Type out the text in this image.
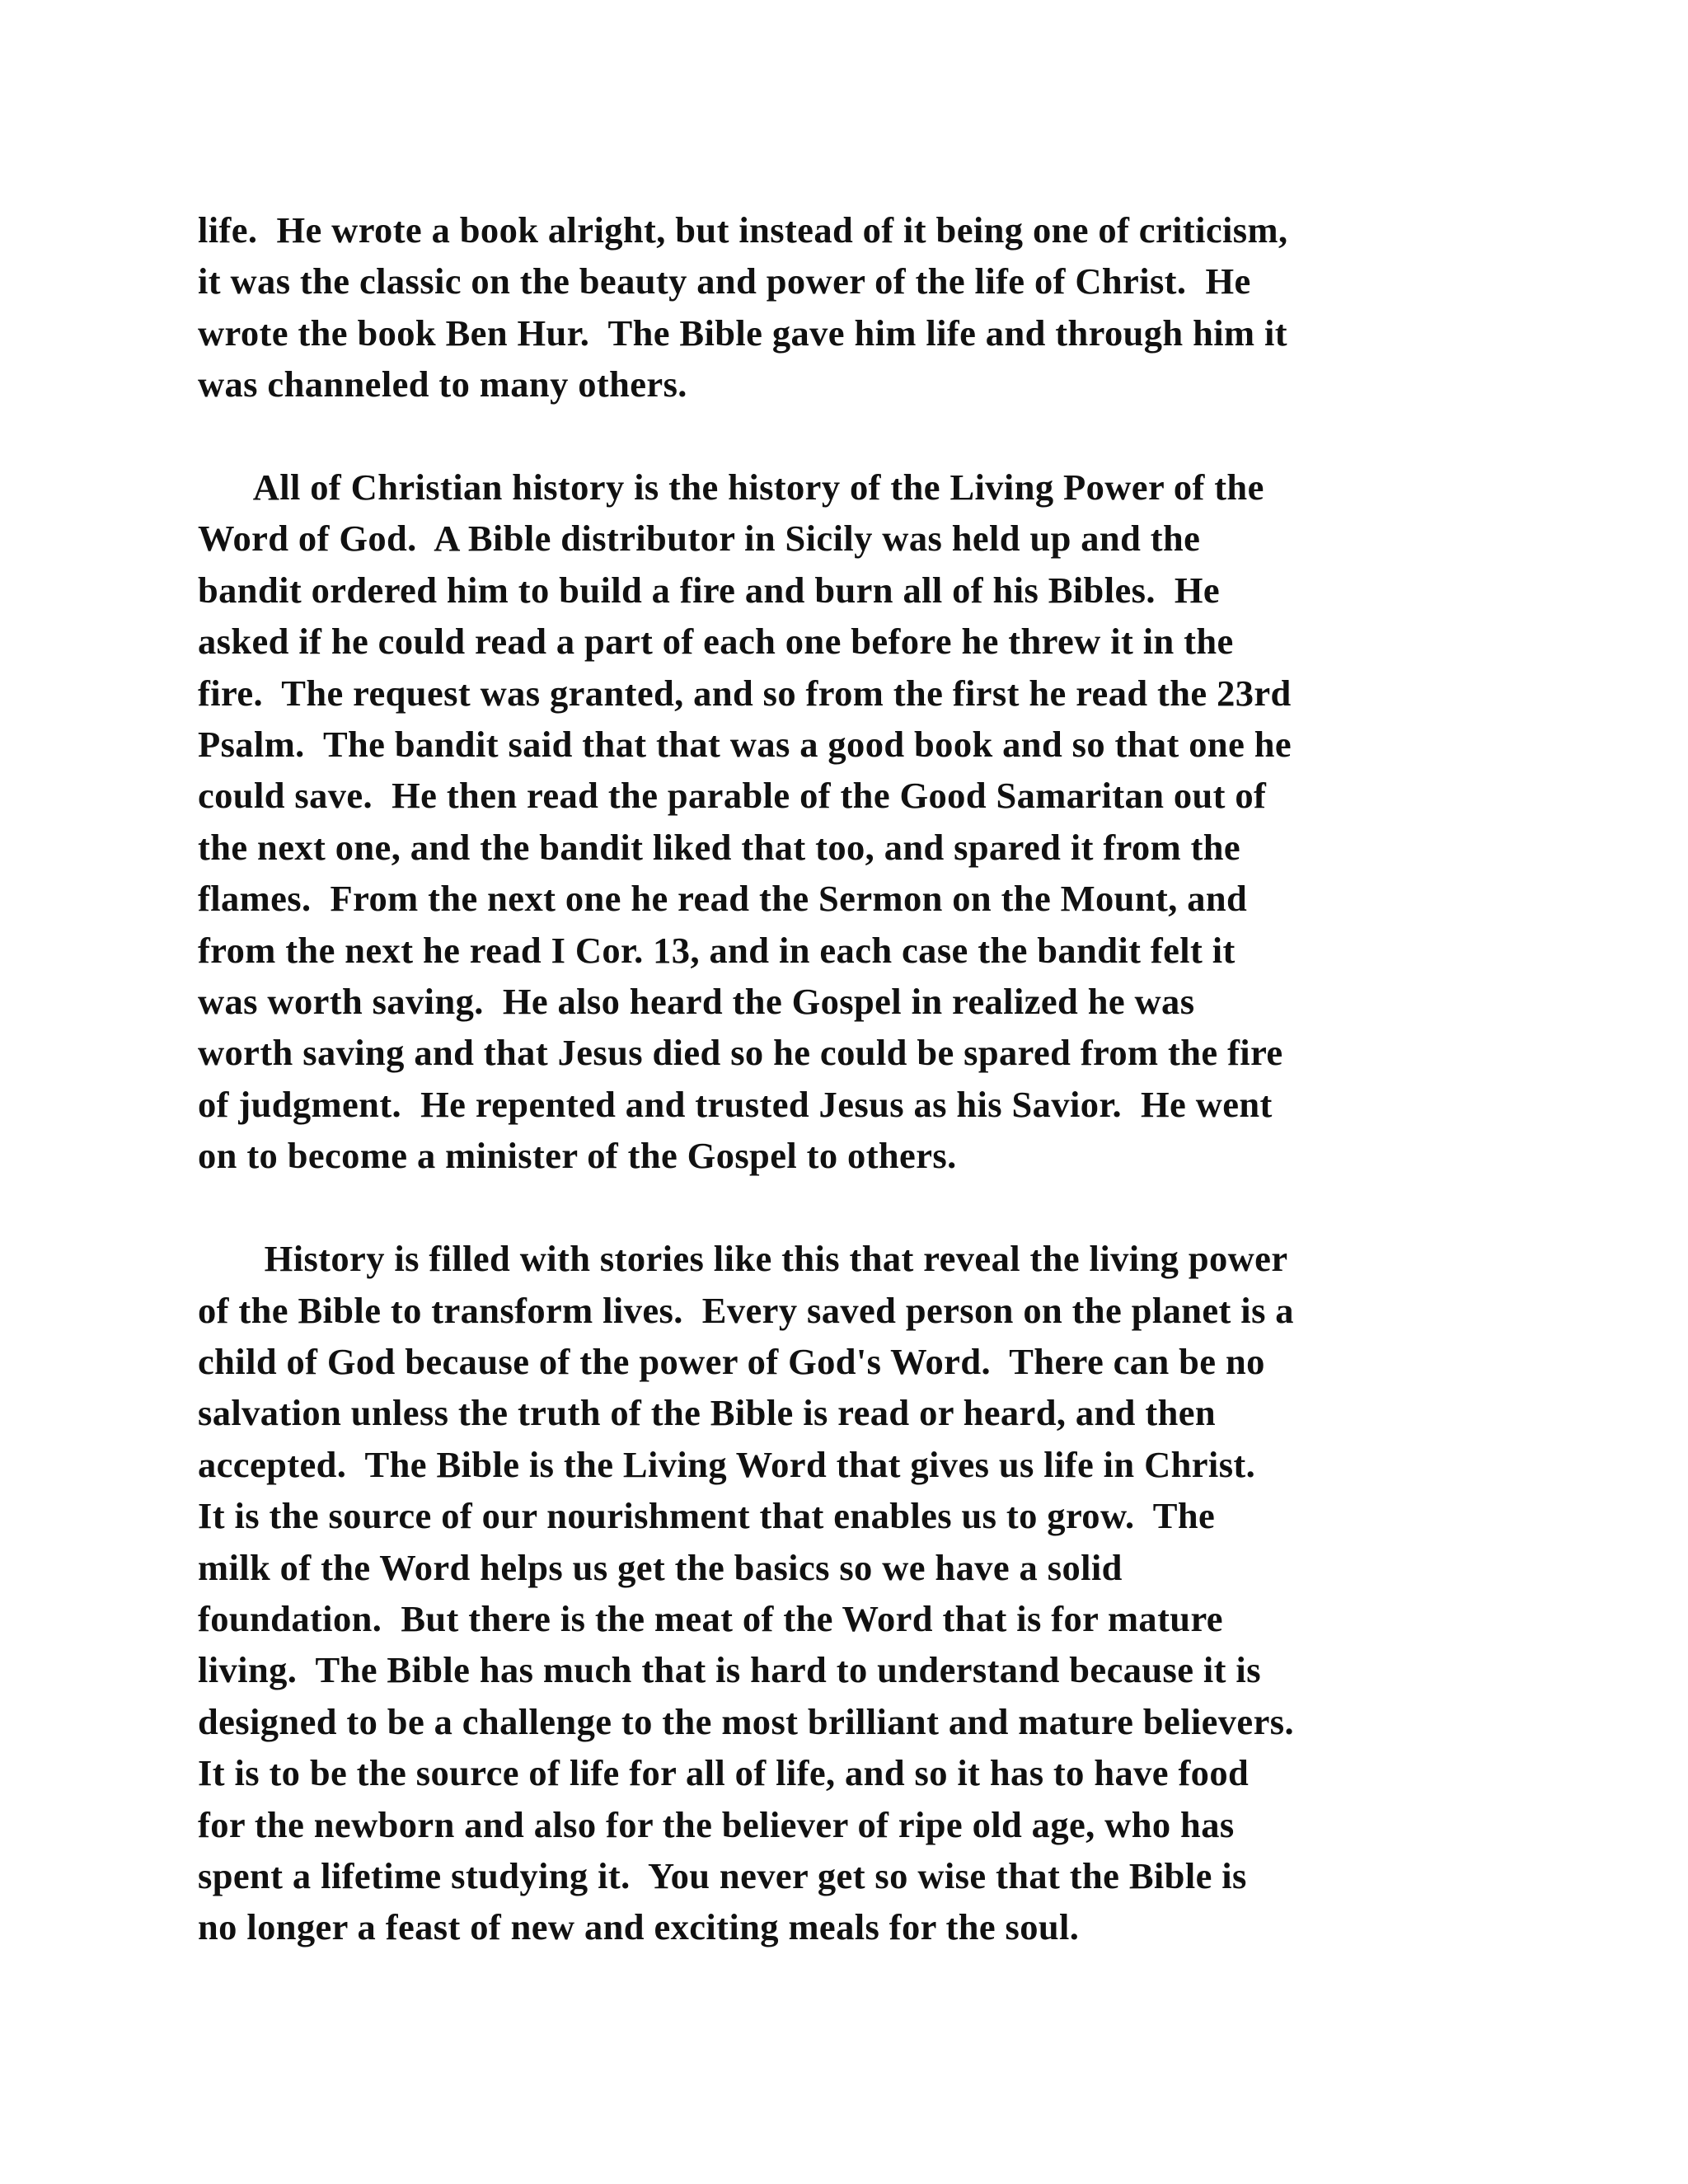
life.  He wrote a book alright, but instead of it being one of criticism,
it was the classic on the beauty and power of the life of Christ.  He
wrote the book Ben Hur.  The Bible gave him life and through him it
was channeled to many others.
All of Christian history is the history of the Living Power of the
Word of God.  A Bible distributor in Sicily was held up and the
bandit ordered him to build a fire and burn all of his Bibles.  He
asked if he could read a part of each one before he threw it in the
fire.  The request was granted, and so from the first he read the 23rd
Psalm.  The bandit said that that was a good book and so that one he
could save.  He then read the parable of the Good Samaritan out of
the next one, and the bandit liked that too, and spared it from the
flames.  From the next one he read the Sermon on the Mount, and
from the next he read I Cor. 13, and in each case the bandit felt it
was worth saving.  He also heard the Gospel in realized he was
worth saving and that Jesus died so he could be spared from the fire
of judgment.  He repented and trusted Jesus as his Savior.  He went
on to become a minister of the Gospel to others.
History is filled with stories like this that reveal the living power
of the Bible to transform lives.  Every saved person on the planet is a
child of God because of the power of God's Word.  There can be no
salvation unless the truth of the Bible is read or heard, and then
accepted.  The Bible is the Living Word that gives us life in Christ.
It is the source of our nourishment that enables us to grow.  The
milk of the Word helps us get the basics so we have a solid
foundation.  But there is the meat of the Word that is for mature
living.  The Bible has much that is hard to understand because it is
designed to be a challenge to the most brilliant and mature believers.
It is to be the source of life for all of life, and so it has to have food
for the newborn and also for the believer of ripe old age, who has
spent a lifetime studying it.  You never get so wise that the Bible is
no longer a feast of new and exciting meals for the soul.
